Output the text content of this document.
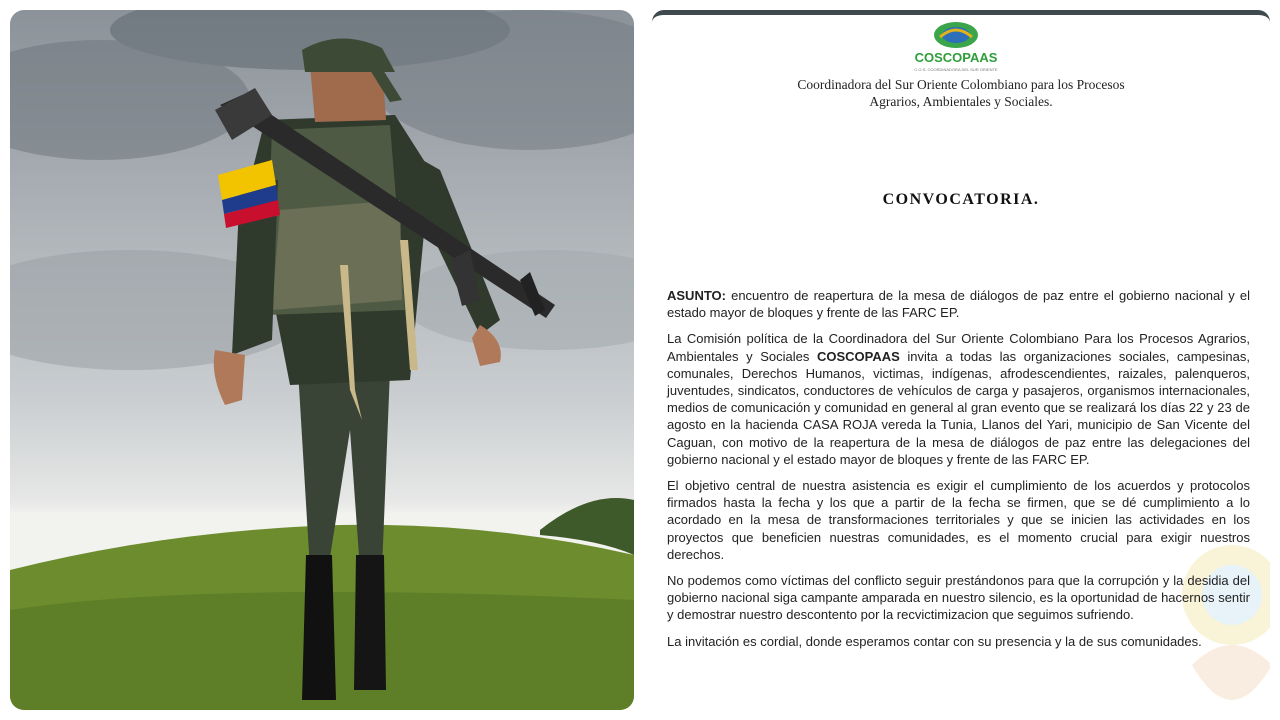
COSCOPAAS
C.O.S. COORDINADORA DEL SUR ORIENTE
Coordinadora del Sur Oriente Colombiano para los Procesos
Agrarios, Ambientales y Sociales.
CONVOCATORIA.

ASUNTO: encuentro de reapertura de la mesa de diálogos de paz entre el gobierno nacional y el estado mayor de bloques y frente de las FARC EP.

La Comisión política de la Coordinadora del Sur Oriente Colombiano Para los Procesos Agrarios, Ambientales y Sociales COSCOPAAS invita a todas las organizaciones sociales, campesinas, comunales, Derechos Humanos, victimas, indígenas, afrodescendientes, raizales, palenqueros, juventudes, sindicatos, conductores de vehículos de carga y pasajeros, organismos internacionales, medios de comunicación y comunidad en general al gran evento que se realizará los días 22 y 23 de agosto en la hacienda CASA ROJA vereda la Tunia, Llanos del Yari, municipio de San Vicente del Caguan, con motivo de la reapertura de la mesa de diálogos de paz entre las delegaciones del gobierno nacional y el estado mayor de bloques y frente de las FARC EP.

El objetivo central de nuestra asistencia es exigir el cumplimiento de los acuerdos y protocolos firmados hasta la fecha y los que a partir de la fecha se firmen, que se dé cumplimiento a lo acordado en la mesa de transformaciones territoriales y que se inicien las actividades en los proyectos que beneficien nuestras comunidades, es el momento crucial para exigir nuestros derechos.

No podemos como víctimas del conflicto seguir prestándonos para que la corrupción y la desidia del gobierno nacional siga campante amparada en nuestro silencio, es la oportunidad de hacernos sentir y demostrar nuestro descontento por la recvictimizacion que seguimos sufriendo.

La invitación es cordial, donde esperamos contar con su presencia y la de sus comunidades.
